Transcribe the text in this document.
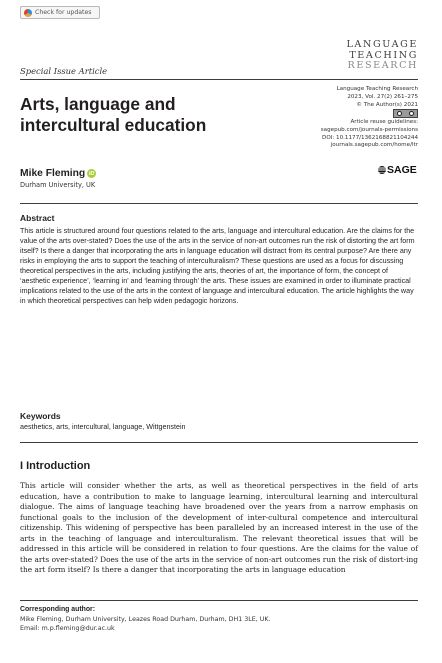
Check for updates
LANGUAGE
TEACHING
RESEARCH
Special Issue Article
Arts, language and intercultural education
Language Teaching Research
2023, Vol. 27(2) 261–275
© The Author(s) 2021
Article reuse guidelines:
sagepub.com/journals-permissions
DOI: 10.1177/1362168821104244
journals.sagepub.com/home/ltr
SAGE
Mike Fleming iD
Durham University, UK
Abstract
This article is structured around four questions related to the arts, language and intercultural education. Are the claims for the value of the arts over-stated? Does the use of the arts in the service of non-art outcomes run the risk of distorting the art form itself? Is there a danger that incorporating the arts in language education will distract from its central purpose? Are there any risks in employing the arts to support the teaching of interculturalism? These questions are used as a focus for discussing theoretical perspectives in the arts, including justifying the arts, theories of art, the importance of form, the concept of ‘aesthetic experience’, ‘learning in’ and ‘learning through’ the arts. These issues are examined in order to illuminate practical implications related to the use of the arts in the context of language and intercultural education. The article highlights the way in which theoretical perspectives can help widen pedagogic horizons.
Keywords
aesthetics, arts, intercultural, language, Wittgenstein
I Introduction
This article will consider whether the arts, as well as theoretical perspectives in the field of arts education, have a contribution to make to language learning, intercultural learning and intercultural dialogue. The aims of language teaching have broadened over the years from a narrow emphasis on functional goals to the inclusion of the development of inter-cultural competence and intercultural citizenship. This widening of perspective has been paralleled by an increased interest in the use of the arts in the teaching of language and interculturalism. The relevant theoretical issues that will be addressed in this article will be considered in relation to four questions. Are the claims for the value of the arts over-stated? Does the use of the arts in the service of non-art outcomes run the risk of distort-ing the art form itself? Is there a danger that incorporating the arts in language education
Corresponding author:
Mike Fleming, Durham University, Leazes Road Durham, Durham, DH1 3LE, UK.
Email: m.p.fleming@dur.ac.uk
